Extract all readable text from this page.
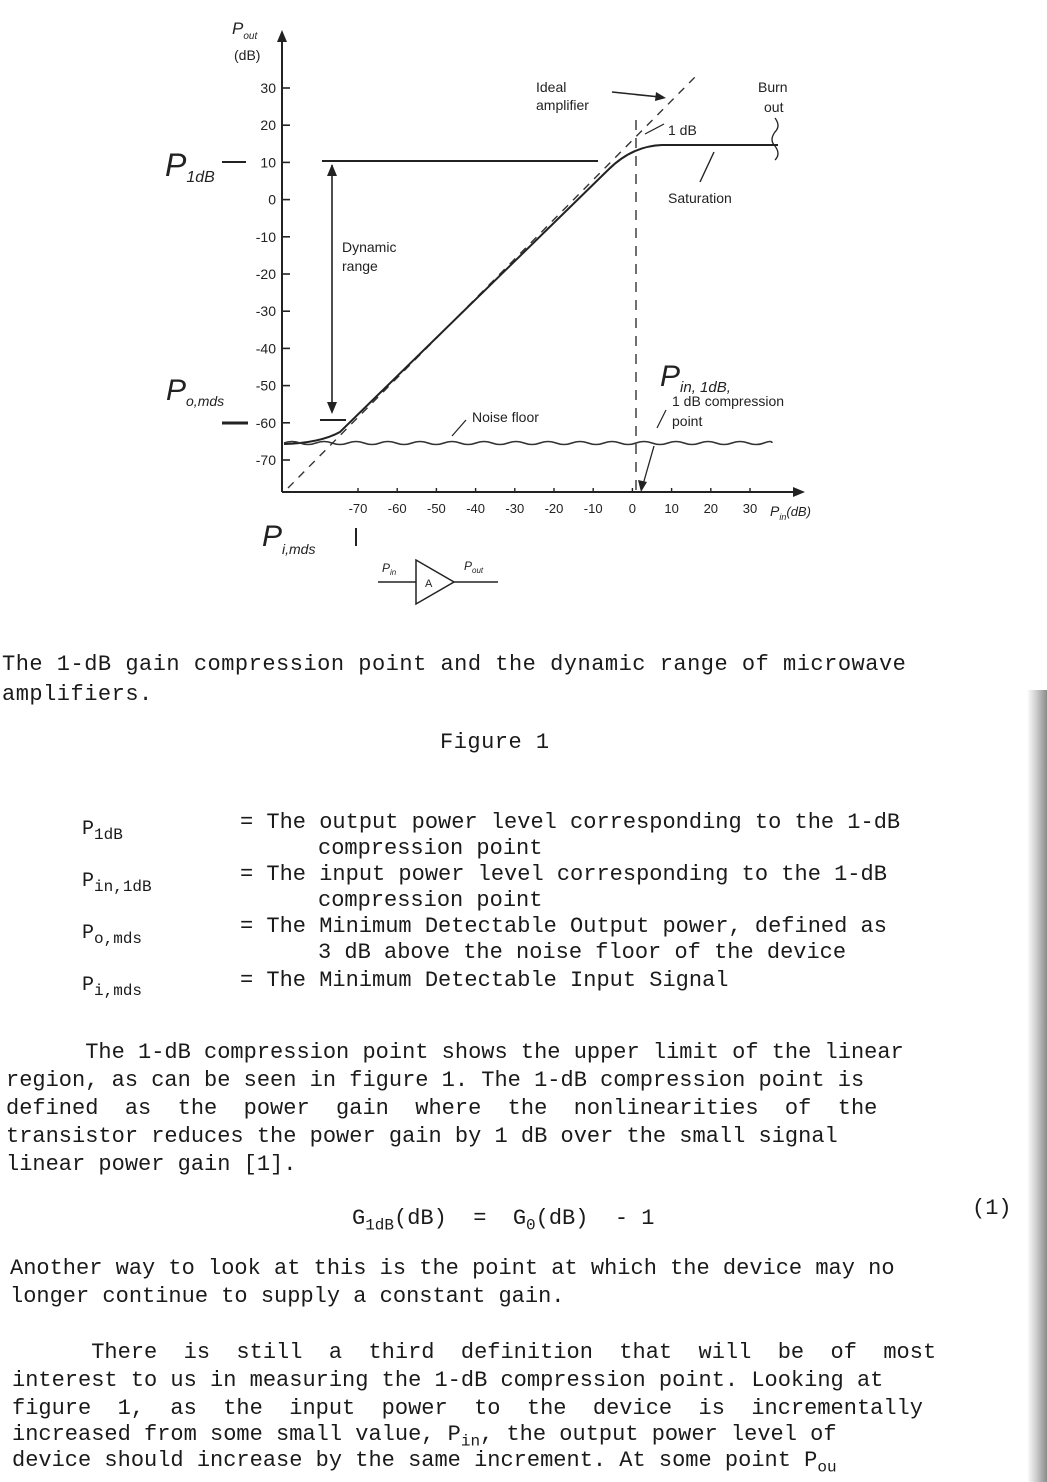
$P_{out}$
(dB)
30
20
10
0
-10
-20
-30
-40
-50
-60
-70
-70 -60 -50 -40 -30 -20 -10 0 10 20 30 $P_{in}(dB)$
Dynamic range
Ideal amplifier
Burn out
1 dB
Saturation
Noise floor
$P_{in, 1dB,}$
1 dB compression point
P1dB
$P_{o,mds}$
$P_{i,mds}$
$P_{in}$
A
$P_{out}$
The 1-dB gain compression point and the dynamic range of microwave
amplifiers.
Figure 1
$P_{1dB}$	= The output power level corresponding to the 1-dB
compression point
$P_{in,1dB}$	= The input power level corresponding to the 1-dB
compression point
$P_{o,mds}$	= The Minimum Detectable Output power, defined as
3 dB above the noise floor of the device
$P_{i,mds}$	= The Minimum Detectable Input Signal
The 1-dB compression point shows the upper limit of the linear
region, as can be seen in figure 1. The 1-dB compression point is
defined  as  the  power  gain  where  the  nonlinearities  of  the
transistor reduces the power gain by 1 dB over the small signal
linear power gain [1].
$G_{1dB}(dB) = G_0(dB) - 1$	(1)
Another way to look at this is the point at which the device may no
longer continue to supply a constant gain.
There  is  still  a  third  definition  that  will  be  of  most
interest to us in measuring the 1-dB compression point. Looking at
figure  1,  as  the  input  power  to  the  device  is  incrementally
increased from some small value, $P_{in}$, the output power level of
device should increase by the same increment. At some point $P_{ou}$
